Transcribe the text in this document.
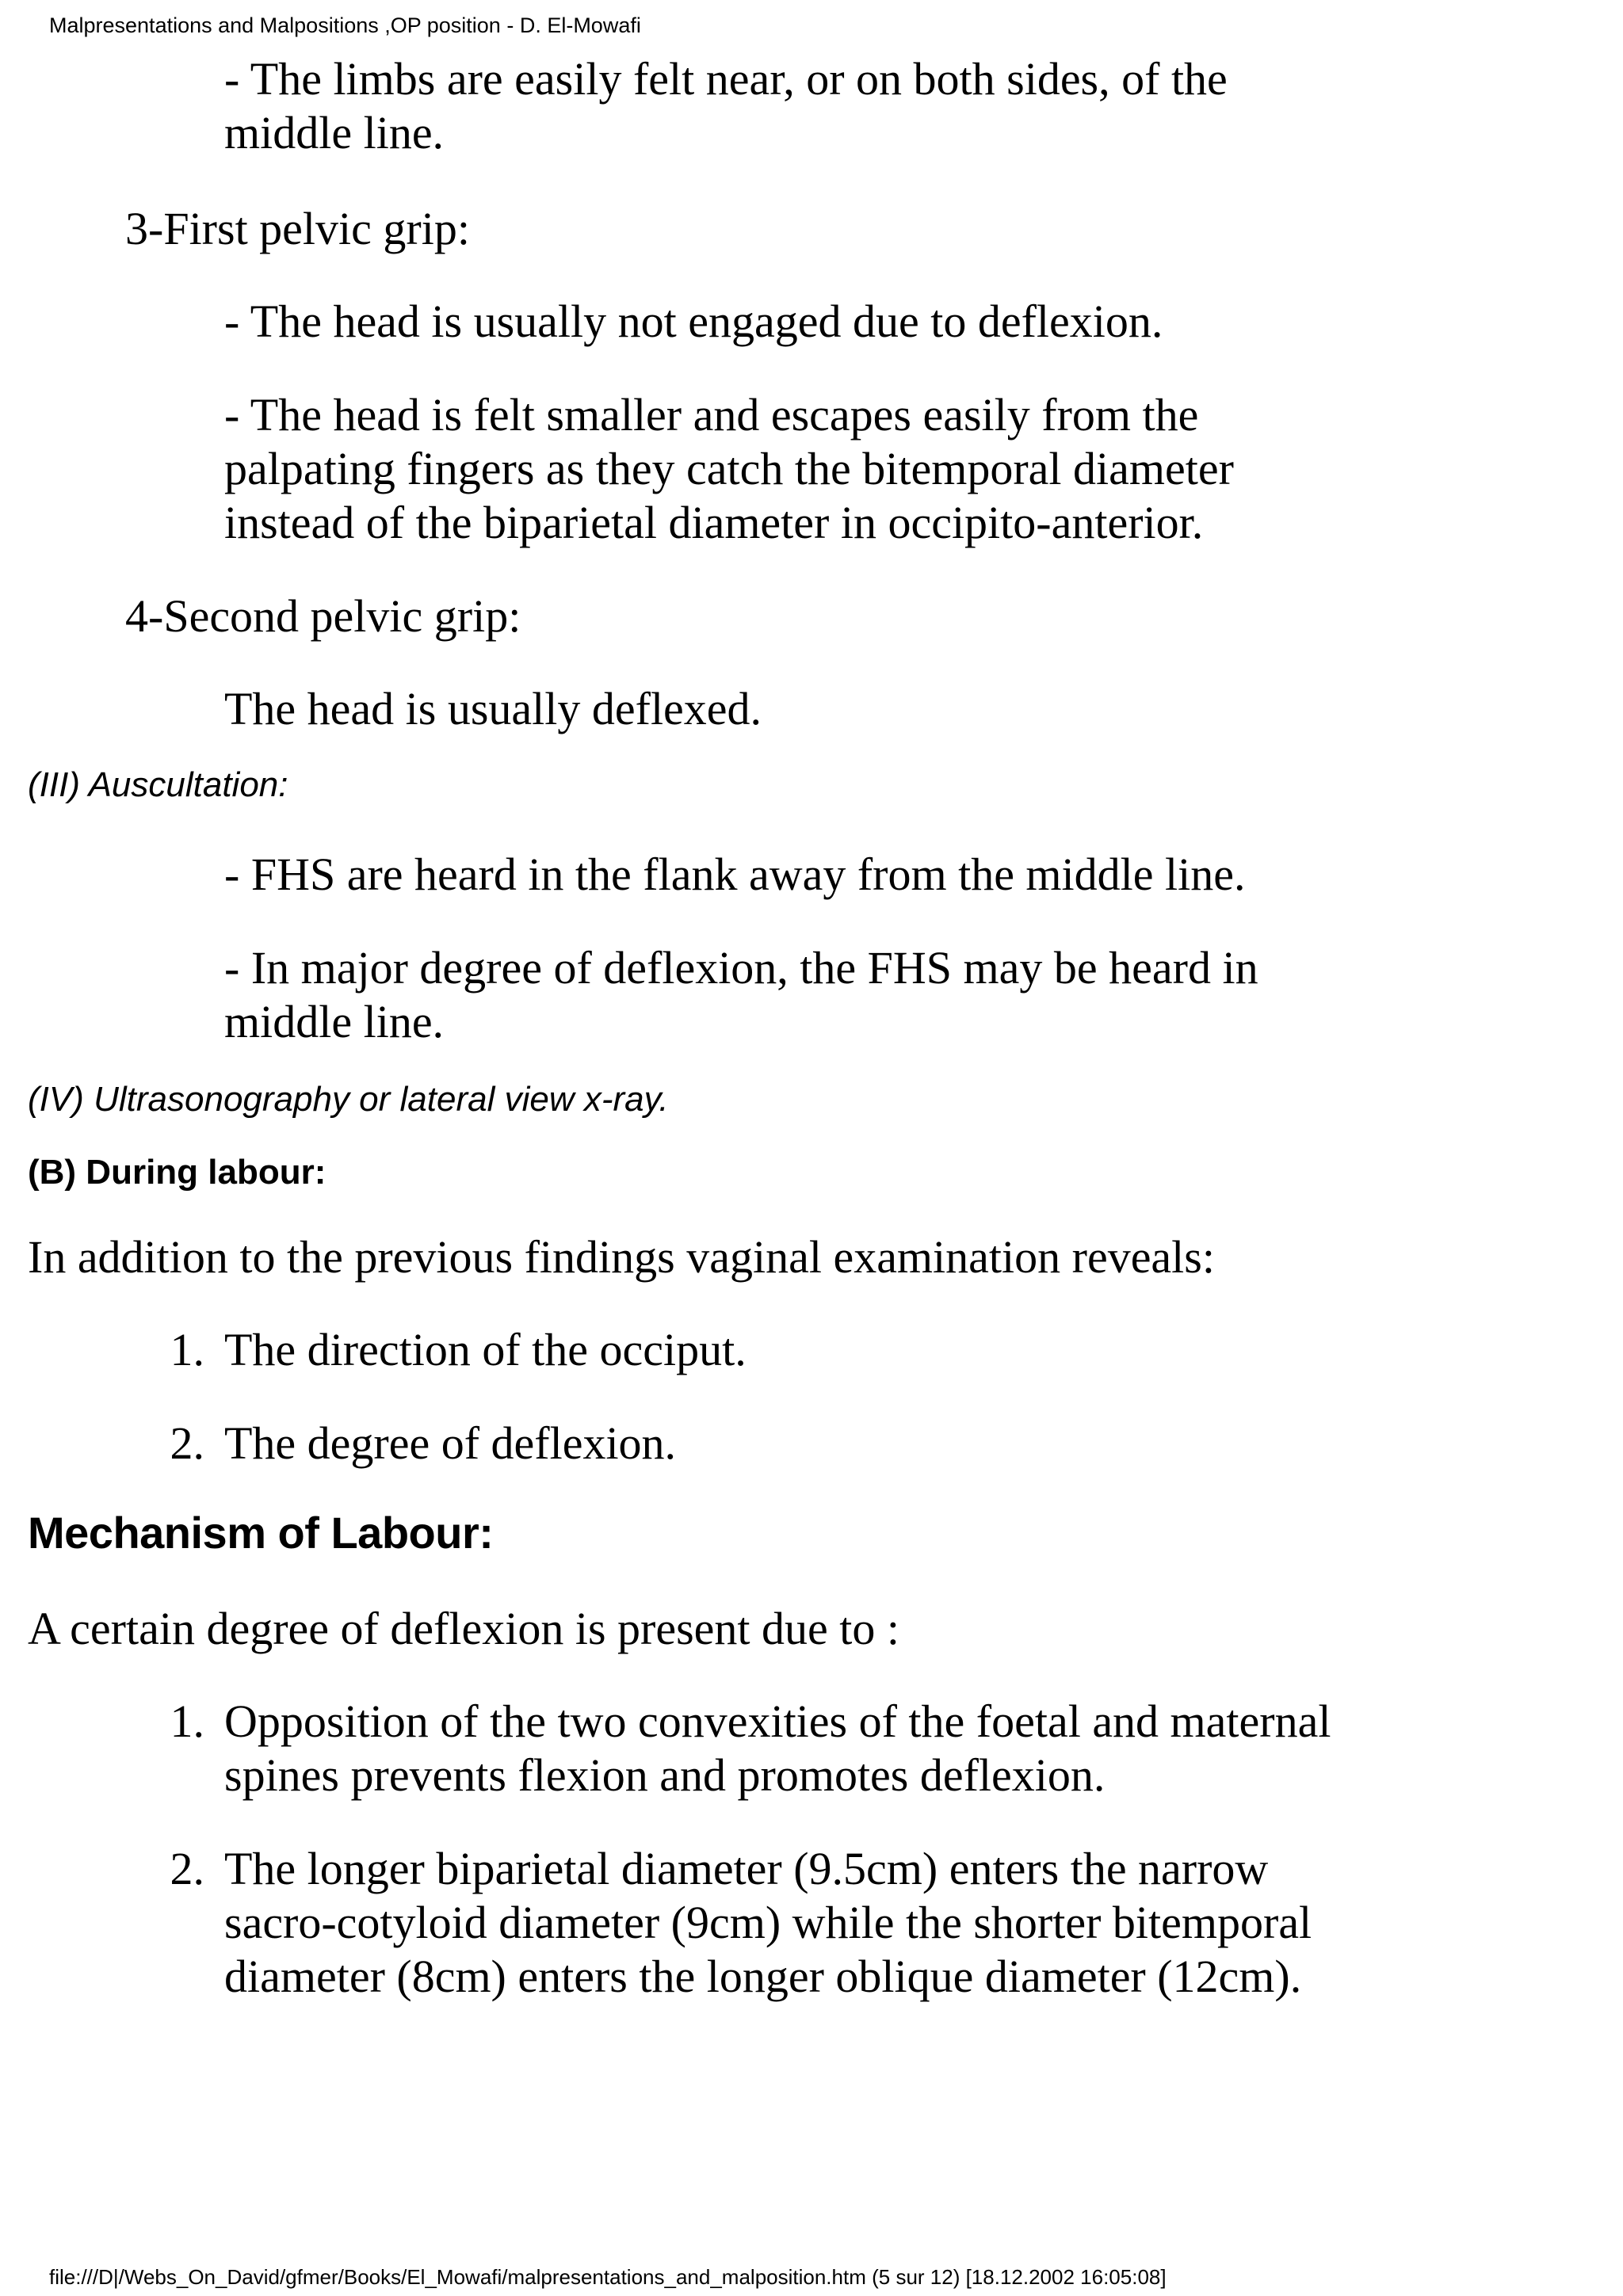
Malpresentations and Malpositions ,OP position - D. El-Mowafi

- The limbs are easily felt near, or on both sides, of the

middle line.

3-First pelvic grip:

- The head is usually not engaged due to deflexion.

- The head is felt smaller and escapes easily from the

palpating fingers as they catch the bitemporal diameter

instead of the biparietal diameter in occipito-anterior.

4-Second pelvic grip:

The head is usually deflexed.

(III) Auscultation:

- FHS are heard in the flank away from the middle line.

- In major degree of deflexion, the FHS may be heard in

middle line.

(IV) Ultrasonography or lateral view x-ray.

(B) During labour:

In addition to the previous findings vaginal examination reveals:

1. The direction of the occiput.
2. The degree of deflexion.

Mechanism of Labour:

A certain degree of deflexion is present due to :

1. Opposition of the two convexities of the foetal and maternal
spines prevents flexion and promotes deflexion.
2. The longer biparietal diameter (9.5cm) enters the narrow
sacro-cotyloid diameter (9cm) while the shorter bitemporal
diameter (8cm) enters the longer oblique diameter (12cm).
file:///D|/Webs_On_David/gfmer/Books/El_Mowafi/malpresentations_and_malposition.htm (5 sur 12) [18.12.2002 16:05:08]
